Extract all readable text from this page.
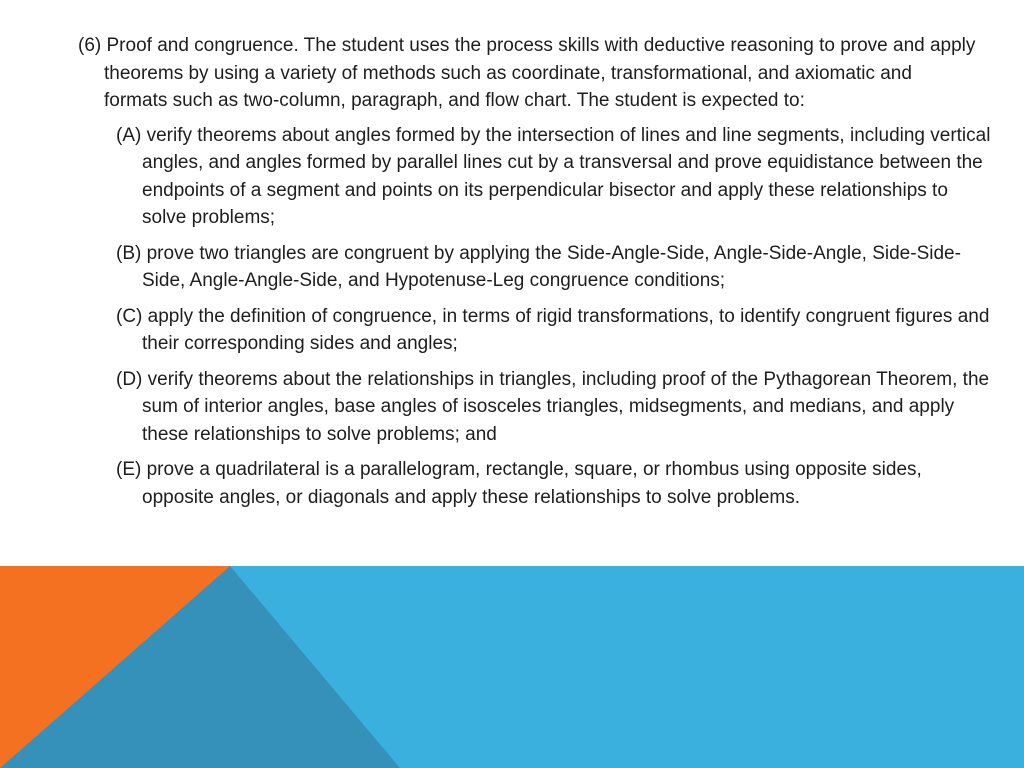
(6) Proof and congruence. The student uses the process skills with deductive reasoning to prove and apply theorems by using a variety of methods such as coordinate, transformational, and axiomatic and formats such as two-column, paragraph, and flow chart. The student is expected to:

(A) verify theorems about angles formed by the intersection of lines and line segments, including vertical angles, and angles formed by parallel lines cut by a transversal and prove equidistance between the endpoints of a segment and points on its perpendicular bisector and apply these relationships to solve problems;
(B) prove two triangles are congruent by applying the Side-Angle-Side, Angle-Side-Angle, Side-Side-Side, Angle-Angle-Side, and Hypotenuse-Leg congruence conditions;
(C) apply the definition of congruence, in terms of rigid transformations, to identify congruent figures and their corresponding sides and angles;
(D) verify theorems about the relationships in triangles, including proof of the Pythagorean Theorem, the sum of interior angles, base angles of isosceles triangles, midsegments, and medians, and apply these relationships to solve problems; and
(E) prove a quadrilateral is a parallelogram, rectangle, square, or rhombus using opposite sides, opposite angles, or diagonals and apply these relationships to solve problems.
